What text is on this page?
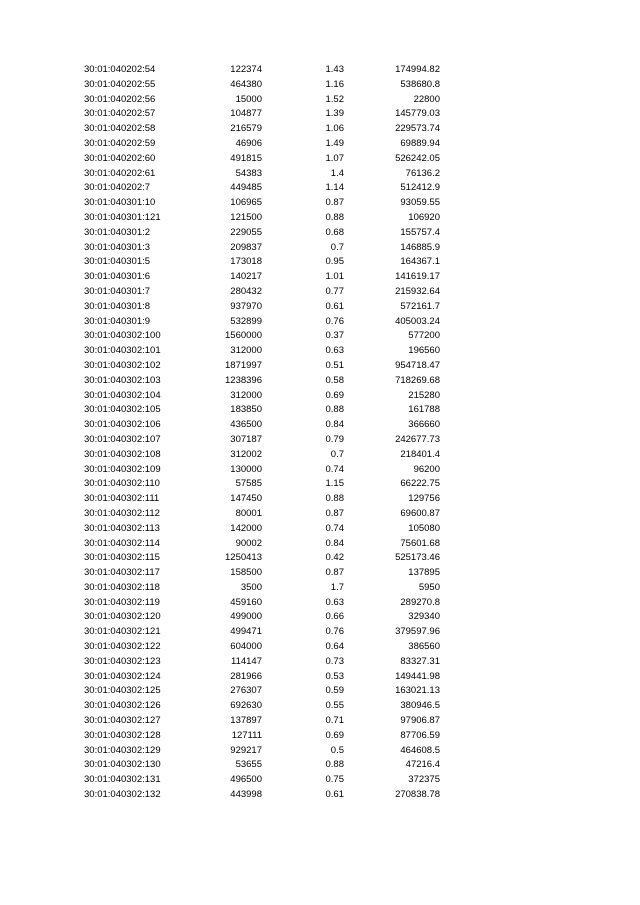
30:01:040202:54	122374	1.43	174994.82
30:01:040202:55	464380	1.16	538680.8
30:01:040202:56	15000	1.52	22800
30:01:040202:57	104877	1.39	145779.03
30:01:040202:58	216579	1.06	229573.74
30:01:040202:59	46906	1.49	69889.94
30:01:040202:60	491815	1.07	526242.05
30:01:040202:61	54383	1.4	76136.2
30:01:040202:7	449485	1.14	512412.9
30:01:040301:10	106965	0.87	93059.55
30:01:040301:121	121500	0.88	106920
30:01:040301:2	229055	0.68	155757.4
30:01:040301:3	209837	0.7	146885.9
30:01:040301:5	173018	0.95	164367.1
30:01:040301:6	140217	1.01	141619.17
30:01:040301:7	280432	0.77	215932.64
30:01:040301:8	937970	0.61	572161.7
30:01:040301:9	532899	0.76	405003.24
30:01:040302:100	1560000	0.37	577200
30:01:040302:101	312000	0.63	196560
30:01:040302:102	1871997	0.51	954718.47
30:01:040302:103	1238396	0.58	718269.68
30:01:040302:104	312000	0.69	215280
30:01:040302:105	183850	0.88	161788
30:01:040302:106	436500	0.84	366660
30:01:040302:107	307187	0.79	242677.73
30:01:040302:108	312002	0.7	218401.4
30:01:040302:109	130000	0.74	96200
30:01:040302:110	57585	1.15	66222.75
30:01:040302:111	147450	0.88	129756
30:01:040302:112	80001	0.87	69600.87
30:01:040302:113	142000	0.74	105080
30:01:040302:114	90002	0.84	75601.68
30:01:040302:115	1250413	0.42	525173.46
30:01:040302:117	158500	0.87	137895
30:01:040302:118	3500	1.7	5950
30:01:040302:119	459160	0.63	289270.8
30:01:040302:120	499000	0.66	329340
30:01:040302:121	499471	0.76	379597.96
30:01:040302:122	604000	0.64	386560
30:01:040302:123	114147	0.73	83327.31
30:01:040302:124	281966	0.53	149441.98
30:01:040302:125	276307	0.59	163021.13
30:01:040302:126	692630	0.55	380946.5
30:01:040302:127	137897	0.71	97906.87
30:01:040302:128	127111	0.69	87706.59
30:01:040302:129	929217	0.5	464608.5
30:01:040302:130	53655	0.88	47216.4
30:01:040302:131	496500	0.75	372375
30:01:040302:132	443998	0.61	270838.78
